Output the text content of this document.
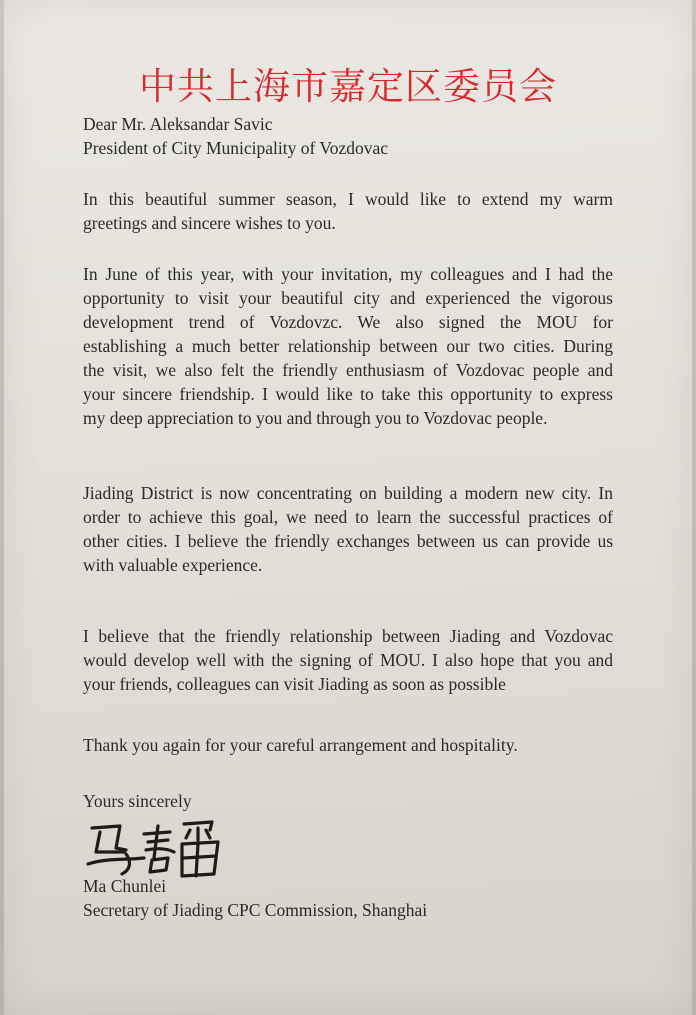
中共上海市嘉定区委员会
Dear Mr. Aleksandar Savic
President of City Municipality of Vozdovac
In this beautiful summer season, I would like to extend my warm
greetings and sincere wishes to you.
In June of this year, with your invitation, my colleagues and I had the
opportunity to visit your beautiful city and experienced the vigorous
development trend of Vozdovzc. We also signed the MOU for
establishing a much better relationship between our two cities. During
the visit, we also felt the friendly enthusiasm of Vozdovac people and
your sincere friendship. I would like to take this opportunity to express
my deep appreciation to you and through you to Vozdovac people.
Jiading District is now concentrating on building a modern new city. In
order to achieve this goal, we need to learn the successful practices of
other cities. I believe the friendly exchanges between us can provide us
with valuable experience.
I believe that the friendly relationship between Jiading and Vozdovac
would develop well with the signing of MOU. I also hope that you and
your friends, colleagues can visit Jiading as soon as possible
Thank you again for your careful arrangement and hospitality.
Yours sincerely
Ma Chunlei
Secretary of Jiading CPC Commission, Shanghai
